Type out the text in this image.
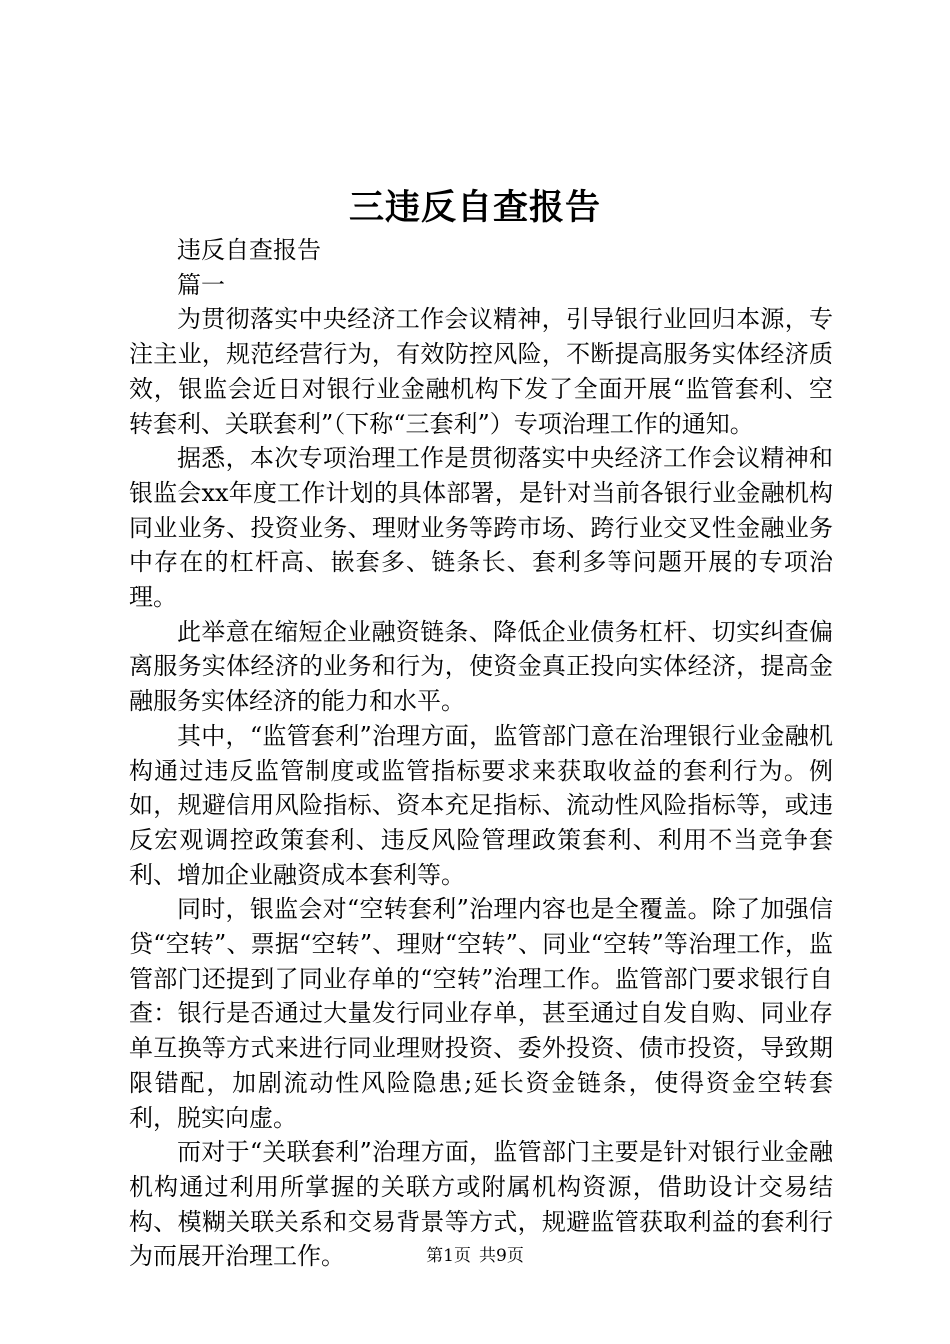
三违反自查报告

违反自查报告

篇一

为贯彻落实中央经济工作会议精神，引导银行业回归本源，专注主业，规范经营行为，有效防控风险，不断提高服务实体经济质效，银监会近日对银行业金融机构下发了全面开展“监管套利、空转套利、关联套利”（下称“三套利”）专项治理工作的通知。

据悉，本次专项治理工作是贯彻落实中央经济工作会议精神和银监会xx年度工作计划的具体部署，是针对当前各银行业金融机构同业业务、投资业务、理财业务等跨市场、跨行业交叉性金融业务中存在的杠杆高、嵌套多、链条长、套利多等问题开展的专项治理。

此举意在缩短企业融资链条、降低企业债务杠杆、切实纠查偏离服务实体经济的业务和行为，使资金真正投向实体经济，提高金融服务实体经济的能力和水平。

其中，“监管套利”治理方面，监管部门意在治理银行业金融机构通过违反监管制度或监管指标要求来获取收益的套利行为。例如，规避信用风险指标、资本充足指标、流动性风险指标等，或违反宏观调控政策套利、违反风险管理政策套利、利用不当竞争套利、增加企业融资成本套利等。

同时，银监会对“空转套利”治理内容也是全覆盖。除了加强信贷“空转”、票据“空转”、理财“空转”、同业“空转”等治理工作，监管部门还提到了同业存单的“空转”治理工作。监管部门要求银行自查：银行是否通过大量发行同业存单，甚至通过自发自购、同业存单互换等方式来进行同业理财投资、委外投资、债市投资，导致期限错配，加剧流动性风险隐患;延长资金链条，使得资金空转套利，脱实向虚。

而对于“关联套利”治理方面，监管部门主要是针对银行业金融机构通过利用所掌握的关联方或附属机构资源，借助设计交易结构、模糊关联关系和交易背景等方式，规避监管获取利益的套利行为而展开治理工作。	第1页 共9页
